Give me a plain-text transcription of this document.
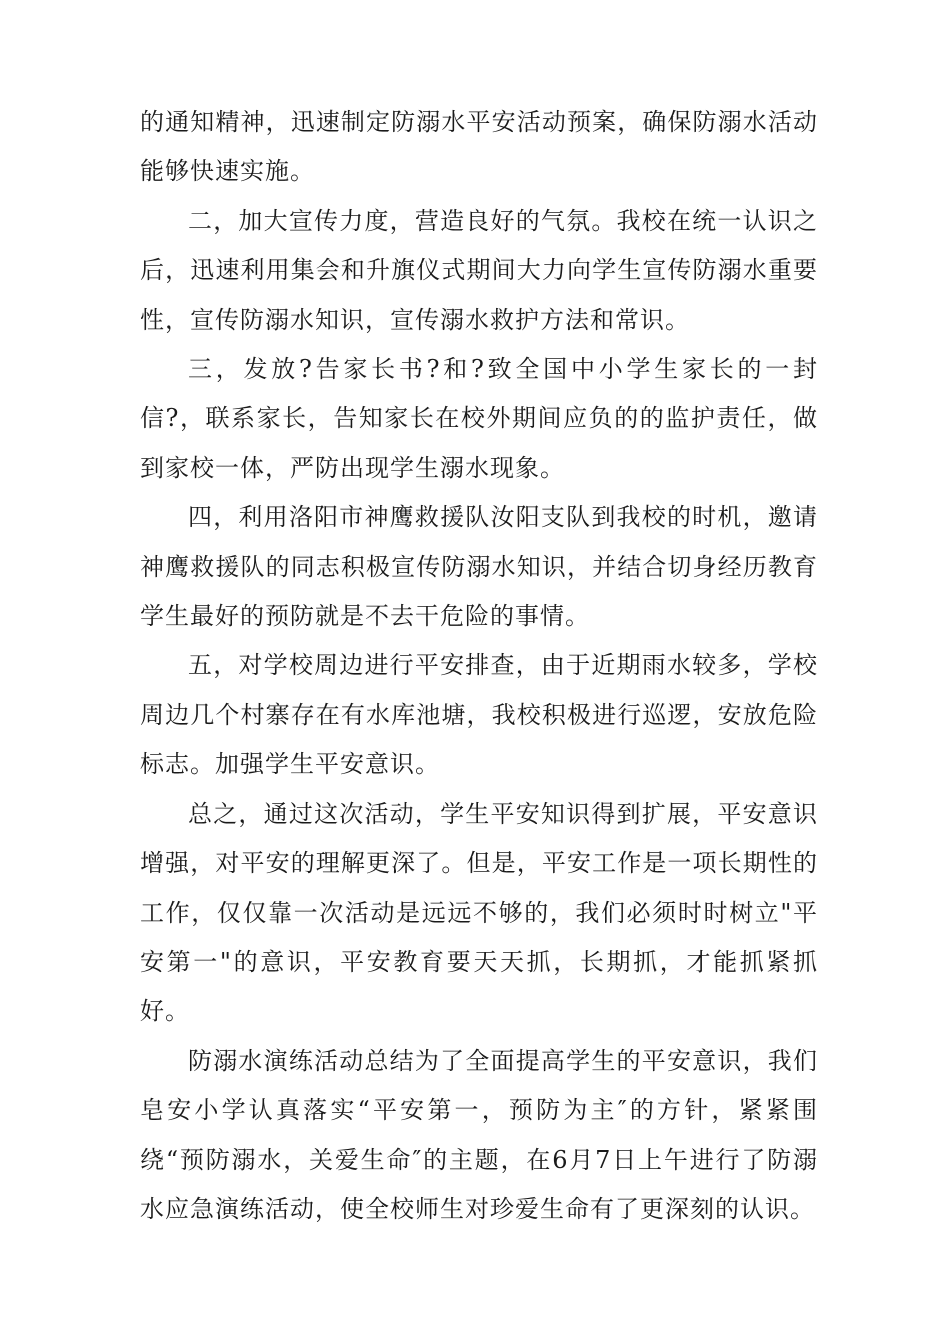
的通知精神，迅速制定防溺水平安活动预案，确保防溺水活动能够快速实施。

二，加大宣传力度，营造良好的气氛。我校在统一认识之后，迅速利用集会和升旗仪式期间大力向学生宣传防溺水重要性，宣传防溺水知识，宣传溺水救护方法和常识。

三，发放?告家长书?和?致全国中小学生家长的一封信?，联系家长，告知家长在校外期间应负的的监护责任，做到家校一体，严防出现学生溺水现象。

四，利用洛阳市神鹰救援队汝阳支队到我校的时机，邀请神鹰救援队的同志积极宣传防溺水知识，并结合切身经历教育学生最好的预防就是不去干危险的事情。

五，对学校周边进行平安排查，由于近期雨水较多，学校周边几个村寨存在有水库池塘，我校积极进行巡逻，安放危险标志。加强学生平安意识。

总之，通过这次活动，学生平安知识得到扩展，平安意识增强，对平安的理解更深了。但是，平安工作是一项长期性的工作，仅仅靠一次活动是远远不够的，我们必须时时树立"平安第一"的意识，平安教育要天天抓，长期抓，才能抓紧抓好。

防溺水演练活动总结为了全面提高学生的平安意识，我们皂安小学认真落实“平安第一，预防为主″的方针，紧紧围绕“预防溺水，关爱生命″的主题，在6月7日上午进行了防溺水应急演练活动，使全校师生对珍爱生命有了更深刻的认识。
